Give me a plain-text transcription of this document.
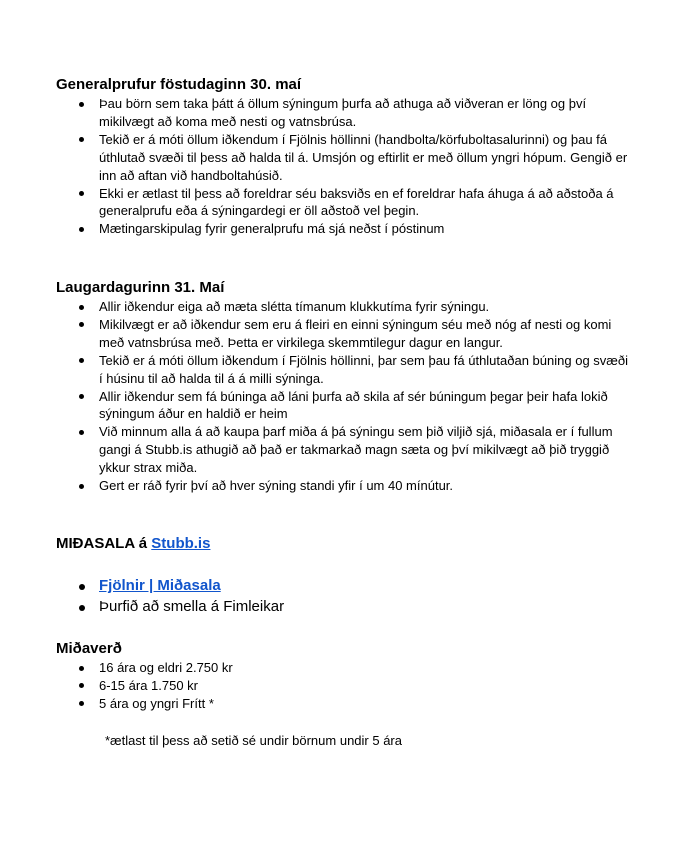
Generalprufur föstudaginn 30. maí
Þau börn sem taka þátt á öllum sýningum þurfa að athuga að viðveran er löng og því mikilvægt að koma með nesti og vatnsbrúsa.
Tekið er á móti öllum iðkendum í Fjölnis höllinni (handbolta/körfuboltasalurinni) og þau fá úthlutað svæði til þess að halda til á. Umsjón og eftirlit er með öllum yngri hópum. Gengið er inn að aftan við handboltahúsið.
Ekki er ætlast til þess að foreldrar séu baksviðs en ef foreldrar hafa áhuga á að aðstoða á generalprufu eða á sýningardegi er öll aðstoð vel þegin.
Mætingarskipulag fyrir generalprufu má sjá neðst í póstinum
Laugardagurinn 31. Maí
Allir iðkendur eiga að mæta slétta tímanum klukkutíma fyrir sýningu.
Mikilvægt er að iðkendur sem eru á fleiri en einni sýningum séu með nóg af nesti og komi með vatnsbrúsa með. Þetta er virkilega skemmtilegur dagur en langur.
Tekið er á móti öllum iðkendum í Fjölnis höllinni, þar sem þau fá úthlutaðan búning og svæði í húsinu til að halda til á á milli sýninga.
Allir iðkendur sem fá búninga að láni þurfa að skila af sér búningum þegar þeir hafa lokið sýningum áður en haldið er heim
Við minnum alla á að kaupa þarf miða á þá sýningu sem þið viljið sjá, miðasala er í fullum gangi á Stubb.is athugið að það er takmarkað magn sæta og því mikilvægt að þið tryggið ykkur strax miða.
Gert er ráð fyrir því að hver sýning standi yfir í um 40 mínútur.
MIÐASALA á Stubb.is
Fjölnir | Miðasala
Þurfið að smella á Fimleikar
Miðaverð
16 ára og eldri 2.750 kr
6-15 ára 1.750 kr
5 ára og yngri Frítt *
*ætlast til þess að setið sé undir börnum undir 5 ára
